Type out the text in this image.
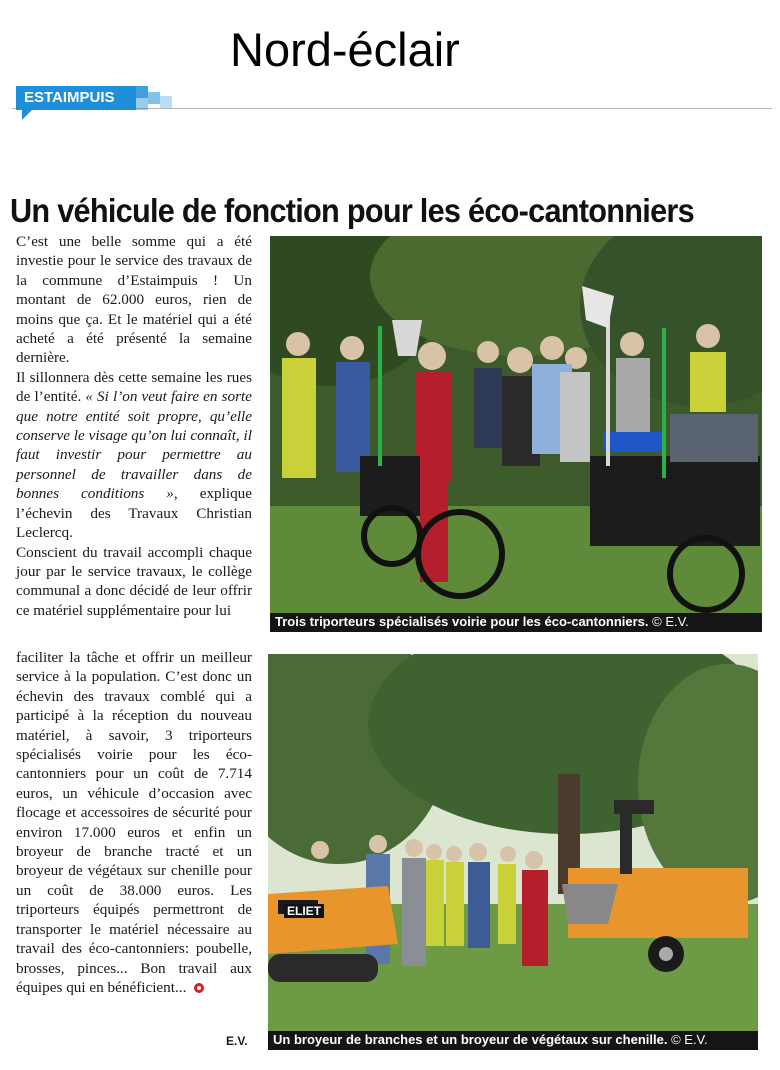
Nord-éclair
ESTAIMPUIS
Un véhicule de fonction pour les éco-cantonniers

C’est une belle somme qui a été investie pour le service des travaux de la commune d’Estaimpuis ! Un montant de 62.000 euros, rien de moins que ça. Et le matériel qui a été acheté a été présenté la semaine dernière.

Il sillonnera dès cette semaine les rues de l’entité. « Si l’on veut faire en sorte que notre entité soit propre, qu’elle conserve le visage qu’on lui connaît, il faut investir pour permettre au personnel de travailler dans de bonnes conditions », explique l’échevin des Travaux Christian Leclercq.

Conscient du travail accompli chaque jour par le service travaux, le collège communal a donc décidé de leur offrir ce matériel supplémentaire pour lui

faciliter la tâche et offrir un meilleur service à la population. C’est donc un échevin des travaux comblé qui a participé à la réception du nouveau matériel, à savoir, 3 triporteurs spécialisés voirie pour les éco-cantonniers pour un coût de 7.714 euros, un véhicule d’occasion avec flocage et accessoires de sécurité pour environ 17.000 euros et enfin un broyeur de branche tracté et un broyeur de végétaux sur chenille pour un coût de 38.000 euros. Les triporteurs équipés permettront de transporter le matériel nécessaire au travail des éco-cantonniers: poubelle, brosses, pinces... Bon travail aux équipes qui en bénéficient...

E.V.
Trois triporteurs spécialisés voirie pour les éco-cantonniers. © E.V.
ELIET
Un broyeur de branches et un broyeur de végétaux sur chenille. © E.V.
